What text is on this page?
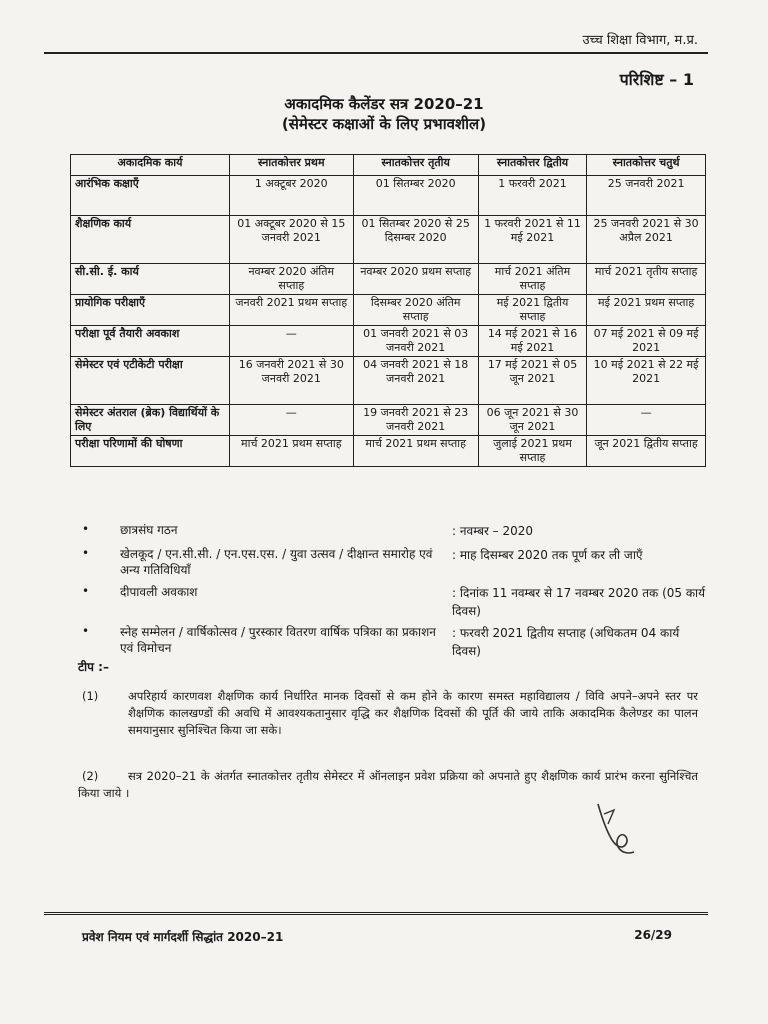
उच्च शिक्षा विभाग, म.प्र.
परिशिष्ट – 1
अकादमिक कैलेंडर सत्र 2020–21
(सेमेस्टर कक्षाओं के लिए प्रभावशील)
अकादमिक कार्य	स्नातकोत्तर प्रथम	स्नातकोत्तर तृतीय	स्नातकोत्तर द्वितीय	स्नातकोत्तर चतुर्थ
आरंभिक कक्षाएँ	1 अक्टूबर 2020	01 सितम्बर 2020	1 फरवरी 2021	25 जनवरी 2021
शैक्षणिक कार्य	01 अक्टूबर 2020 से 15 जनवरी 2021	01 सितम्बर 2020 से 25 दिसम्बर 2020	1 फरवरी 2021 से 11 मई 2021	25 जनवरी 2021 से 30 अप्रैल 2021
सी.सी. ई. कार्य	नवम्बर 2020 अंतिम सप्ताह	नवम्बर 2020 प्रथम सप्ताह	मार्च 2021 अंतिम सप्ताह	मार्च 2021 तृतीय सप्ताह
प्रायोगिक परीक्षाएँ	जनवरी 2021 प्रथम सप्ताह	दिसम्बर 2020 अंतिम सप्ताह	मई 2021 द्वितीय सप्ताह	मई 2021 प्रथम सप्ताह
परीक्षा पूर्व तैयारी अवकाश	—	01 जनवरी 2021 से 03 जनवरी 2021	14 मई 2021 से 16 मई 2021	07 मई 2021 से 09 मई 2021
सेमेस्टर एवं एटीकेटी परीक्षा	16 जनवरी 2021 से 30 जनवरी 2021	04 जनवरी 2021 से 18 जनवरी 2021	17 मई 2021 से 05 जून 2021	10 मई 2021 से 22 मई 2021
सेमेस्टर अंतराल (ब्रेक) विद्यार्थियों के लिए	—	19 जनवरी 2021 से 23 जनवरी 2021	06 जून 2021 से 30 जून 2021	—
परीक्षा परिणामों की घोषणा	मार्च 2021 प्रथम सप्ताह	मार्च 2021 प्रथम सप्ताह	जुलाई 2021 प्रथम सप्ताह	जून 2021 द्वितीय सप्ताह
•	छात्रसंघ गठन	: नवम्बर – 2020
•	खेलकूद / एन.सी.सी. / एन.एस.एस. / युवा उत्सव / दीक्षान्त समारोह एवं अन्य गतिविधियाँ
: माह दिसम्बर 2020 तक पूर्ण कर ली जाएँ
•	दीपावली अवकाश	: दिनांक 11 नवम्बर से 17 नवम्बर 2020 तक (05 कार्य दिवस)
•	स्नेह सम्मेलन / वार्षिकोत्सव / पुरस्कार वितरण वार्षिक पत्रिका का प्रकाशन एवं विमोचन
: फरवरी 2021 द्वितीय सप्ताह (अधिकतम 04 कार्य दिवस)
टीप :–
(1)	अपरिहार्य कारणवश शैक्षणिक कार्य निर्धारित मानक दिवसों से कम होने के कारण समस्त महाविद्यालय / विवि अपने–अपने स्तर पर शैक्षणिक कालखण्डों की अवधि में आवश्यकतानुसार वृद्धि कर शैक्षणिक दिवसों की पूर्ति की जाये ताकि अकादमिक कैलेण्डर का पालन समयानुसार सुनिश्चित किया जा सके।
(2)	सत्र 2020–21 के अंतर्गत स्नातकोत्तर तृतीय सेमेस्टर में ऑनलाइन प्रवेश प्रक्रिया को अपनाते हुए शैक्षणिक कार्य प्रारंभ करना सुनिश्चित किया जाये ।
प्रवेश नियम एवं मार्गदर्शी सिद्धांत 2020–21	26/29
